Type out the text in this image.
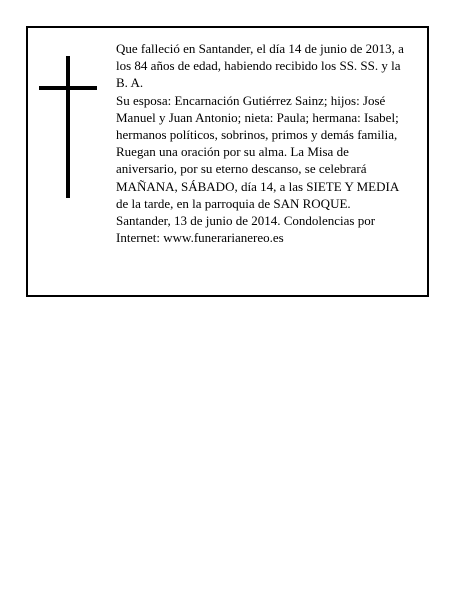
Que falleció en Santander, el día 14 de junio de 2013, a

los 84 años de edad, habiendo recibido los SS. SS. y la

B. A.

Su esposa: Encarnación Gutiérrez Sainz; hijos: José

Manuel y Juan Antonio; nieta: Paula; hermana: Isabel;

hermanos políticos, sobrinos, primos y demás familia,

Ruegan una oración por su alma. La Misa de

aniversario, por su eterno descanso, se celebrará

MAÑANA, SÁBADO, día 14, a las SIETE Y MEDIA

de la tarde, en la parroquia de SAN ROQUE.

Santander, 13 de junio de 2014. Condolencias por

Internet: www.funerarianereo.es
